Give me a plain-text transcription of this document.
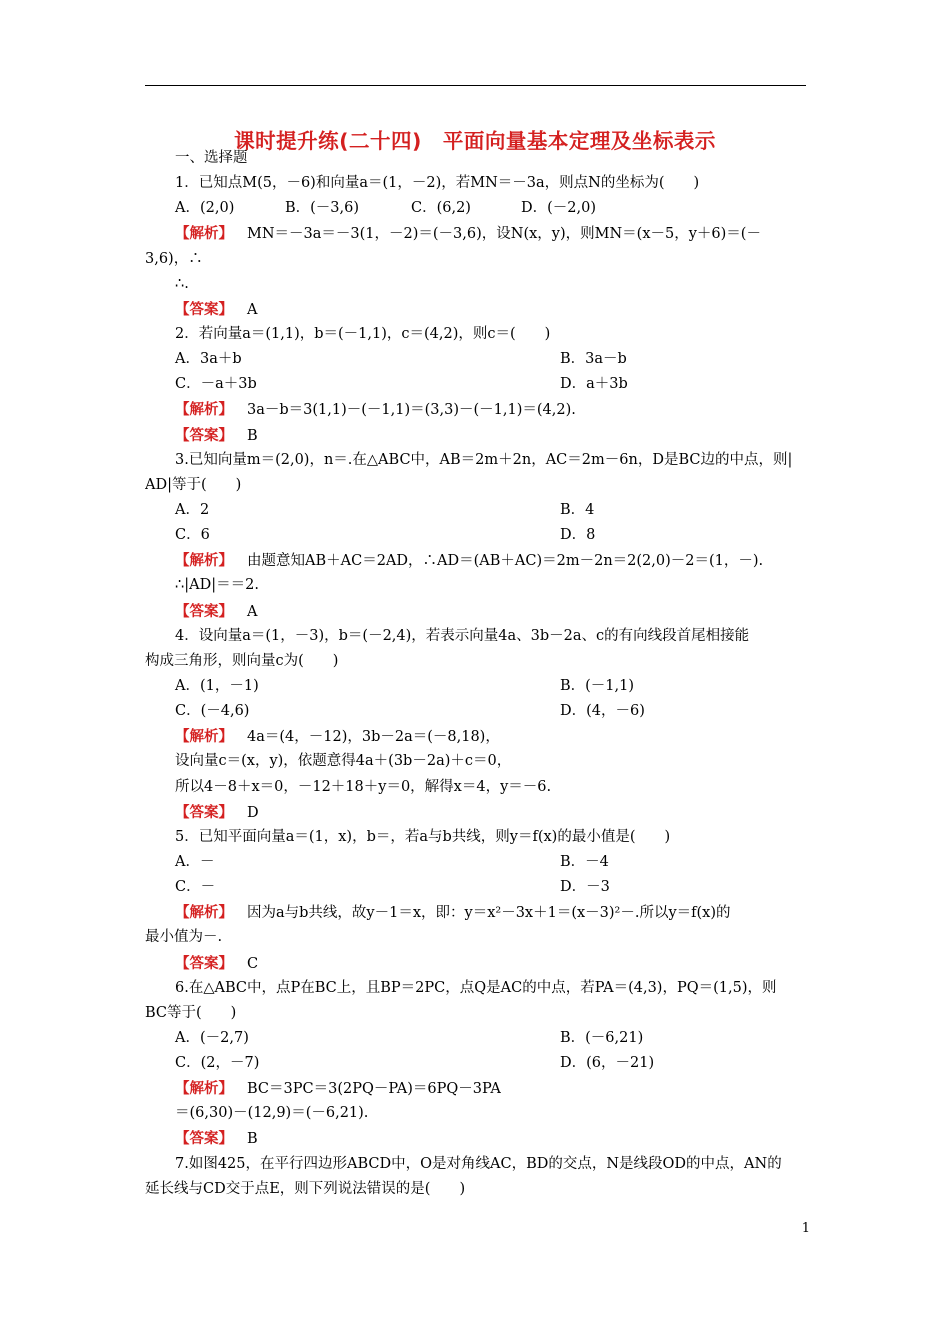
课时提升练(二十四)　平面向量基本定理及坐标表示
一、选择题
1．已知点M(5，－6)和向量a＝(1，－2)，若MN＝－3a，则点N的坐标为(　　)
A．(2,0)	B．(－3,6)	C．(6,2)	D．(－2,0)
【解析】 MN＝－3a＝－3(1，－2)＝(－3,6)，设N(x，y)，则MN＝(x－5，y＋6)＝(－
3,6)，∴
∴.
【答案】 A
2．若向量a＝(1,1)，b＝(－1,1)，c＝(4,2)，则c＝(　　)
A．3a＋b	B．3a－b
C．－a＋3b	D．a＋3b
【解析】 3a－b＝3(1,1)－(－1,1)＝(3,3)－(－1,1)＝(4,2).
【答案】 B
3.已知向量m＝(2,0)，n＝.在△ABC中，AB＝2m＋2n，AC＝2m－6n，D是BC边的中点，则|
AD|等于(　　)
A．2	B．4
C．6	D．8
【解析】 由题意知AB＋AC＝2AD，∴AD＝(AB＋AC)＝2m－2n＝2(2,0)－2＝(1，－).
∴|AD|＝＝2.
【答案】 A
4．设向量a＝(1，－3)，b＝(－2,4)，若表示向量4a、3b－2a、c的有向线段首尾相接能
构成三角形，则向量c为(　　)
A．(1，－1)	B．(－1,1)
C．(－4,6)	D．(4，－6)
【解析】 4a＝(4，－12)，3b－2a＝(－8,18)，
设向量c＝(x，y)，依题意得4a＋(3b－2a)＋c＝0，
所以4－8＋x＝0，－12＋18＋y＝0，解得x＝4，y＝－6.
【答案】 D
5．已知平面向量a＝(1，x)，b＝，若a与b共线，则y＝f(x)的最小值是(　　)
A．－	B．－4
C．－	D．－3
【解析】 因为a与b共线，故y－1＝x，即：y＝x²－3x＋1＝(x－3)²－.所以y＝f(x)的
最小值为－.
【答案】 C
6.在△ABC中，点P在BC上，且BP＝2PC，点Q是AC的中点，若PA＝(4,3)，PQ＝(1,5)，则
BC等于(　　)
A．(－2,7)	B．(－6,21)
C．(2，－7)	D．(6，－21)
【解析】 BC＝3PC＝3(2PQ－PA)＝6PQ－3PA
＝(6,30)－(12,9)＝(－6,21).
【答案】 B
7.如图425，在平行四边形ABCD中，O是对角线AC，BD的交点，N是线段OD的中点，AN的
延长线与CD交于点E，则下列说法错误的是(　　)
1
